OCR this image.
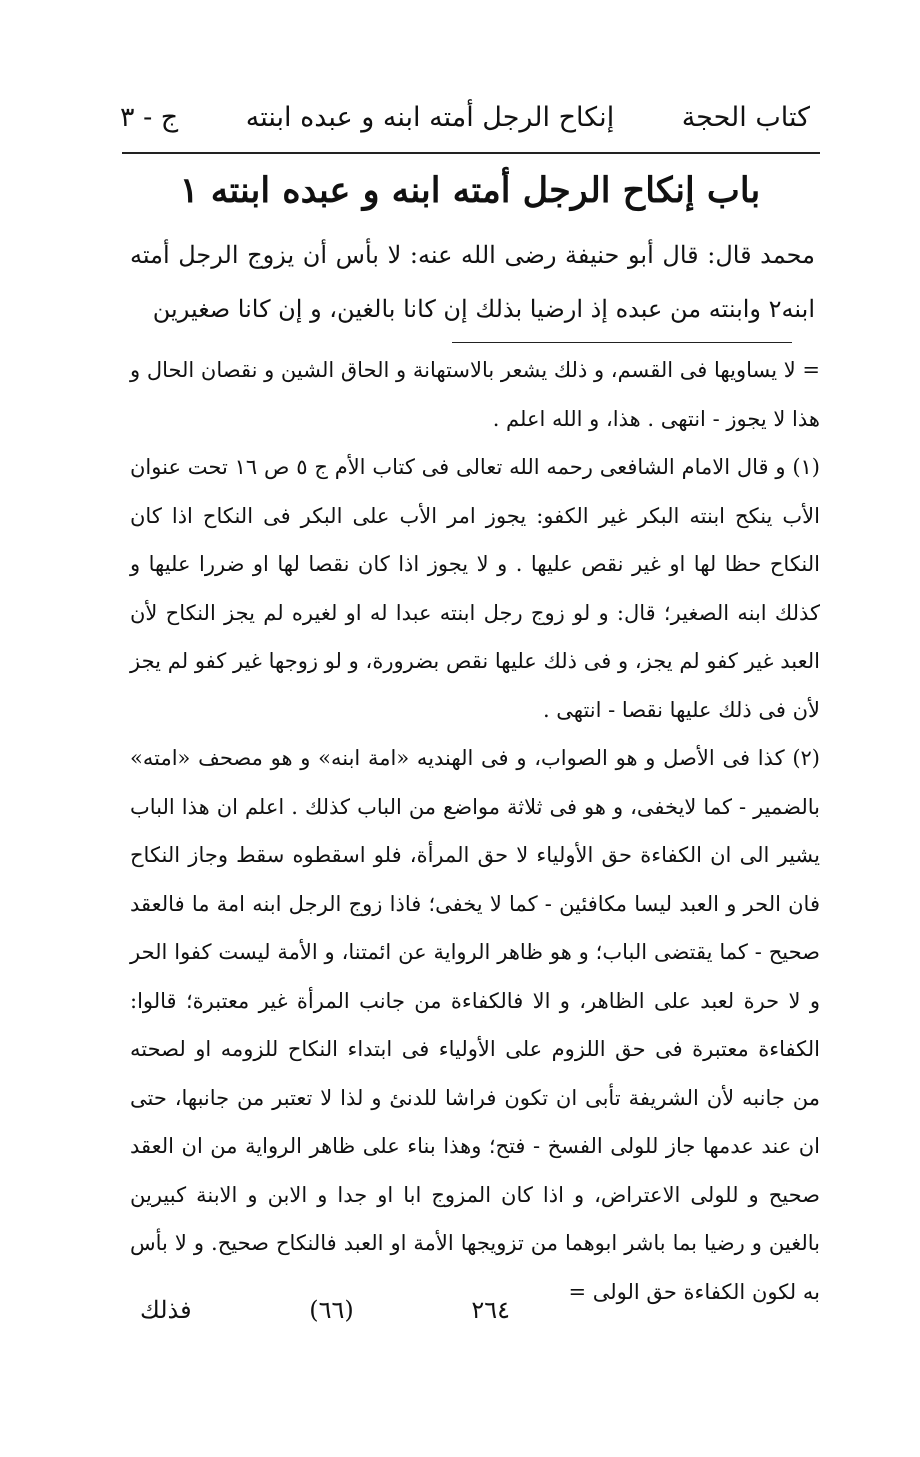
كتاب الحجة
إنكاح الرجل أمته ابنه و عبده ابنته
ج - ٣
باب إنكاح الرجل أمته ابنه و عبده ابنته ١

محمد قال: قال أبو حنيفة رضى الله عنه: لا بأس أن يزوج الرجل أمته ابنه٢ وابنته من عبده إذ ارضيا بذلك إن كانا بالغين، و إن كانا صغيرين

= لا يساويها فى القسم، و ذلك يشعر بالاستهانة و الحاق الشين و نقصان الحال و هذا لا يجوز - انتهى . هذا، و الله اعلم .

(١) و قال الامام الشافعى رحمه الله تعالى فى كتاب الأم ج ٥ ص ١٦ تحت عنوان الأب ينكح ابنته البكر غير الكفو: يجوز امر الأب على البكر فى النكاح اذا كان النكاح حظا لها او غير نقص عليها . و لا يجوز اذا كان نقصا لها او ضررا عليها و كذلك ابنه الصغير؛ قال: و لو زوج رجل ابنته عبدا له او لغيره لم يجز النكاح لأن العبد غير كفو لم يجز، و فى ذلك عليها نقص بضرورة، و لو زوجها غير كفو لم يجز لأن فى ذلك عليها نقصا - انتهى .

(٢) كذا فى الأصل و هو الصواب، و فى الهنديه «امة ابنه» و هو مصحف «امته» بالضمير - كما لايخفى، و هو فى ثلاثة مواضع من الباب كذلك . اعلم ان هذا الباب يشير الى ان الكفاءة حق الأولياء لا حق المرأة، فلو اسقطوه سقط وجاز النكاح فان الحر و العبد ليسا مكافئين - كما لا يخفى؛ فاذا زوج الرجل ابنه امة ما فالعقد صحيح - كما يقتضى الباب؛ و هو ظاهر الرواية عن ائمتنا، و الأمة ليست كفوا الحر و لا حرة لعبد على الظاهر، و الا فالكفاءة من جانب المرأة غير معتبرة؛ قالوا: الكفاءة معتبرة فى حق اللزوم على الأولياء فى ابتداء النكاح للزومه او لصحته من جانبه لأن الشريفة تأبى ان تكون فراشا للدنئ و لذا لا تعتبر من جانبها، حتى ان عند عدمها جاز للولى الفسخ - فتح؛ وهذا بناء على ظاهر الرواية من ان العقد صحيح و للولى الاعتراض، و اذا كان المزوج ابا او جدا و الابن و الابنة كبيرين بالغين و رضيا بما باشر ابوهما من تزويجها الأمة او العبد فالنكاح صحيح. و لا بأس به لكون الكفاءة حق الولى =

٢٦٤
(٦٦)
فذلك
